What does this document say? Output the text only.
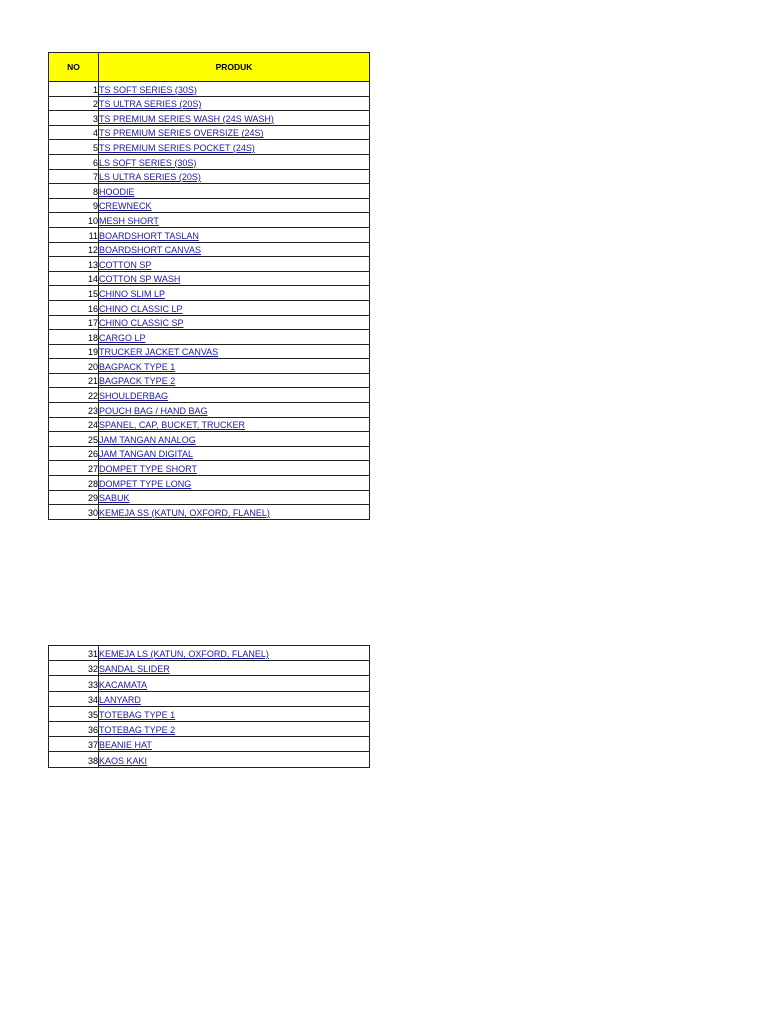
NO	PRODUK
1	TS SOFT SERIES (30S)
2	TS ULTRA SERIES (20S)
3	TS PREMIUM SERIES WASH (24S WASH)
4	TS PREMIUM SERIES OVERSIZE (24S)
5	TS PREMIUM SERIES POCKET (24S)
6	LS SOFT SERIES (30S)
7	LS ULTRA SERIES (20S)
8	HOODIE
9	CREWNECK
10	MESH SHORT
11	BOARDSHORT TASLAN
12	BOARDSHORT CANVAS
13	COTTON SP
14	COTTON SP WASH
15	CHINO SLIM LP
16	CHINO CLASSIC LP
17	CHINO CLASSIC SP
18	CARGO LP
19	TRUCKER JACKET CANVAS
20	BAGPACK TYPE 1
21	BAGPACK TYPE 2
22	SHOULDERBAG
23	POUCH BAG / HAND BAG
24	SPANEL, CAP, BUCKET, TRUCKER
25	JAM TANGAN ANALOG
26	JAM TANGAN DIGITAL
27	DOMPET TYPE SHORT
28	DOMPET TYPE LONG
29	SABUK
30	KEMEJA SS (KATUN, OXFORD, FLANEL)
31	KEMEJA LS (KATUN, OXFORD, FLANEL)
32	SANDAL SLIDER
33	KACAMATA
34	LANYARD
35	TOTEBAG TYPE 1
36	TOTEBAG TYPE 2
37	BEANIE HAT
38	KAOS KAKI
